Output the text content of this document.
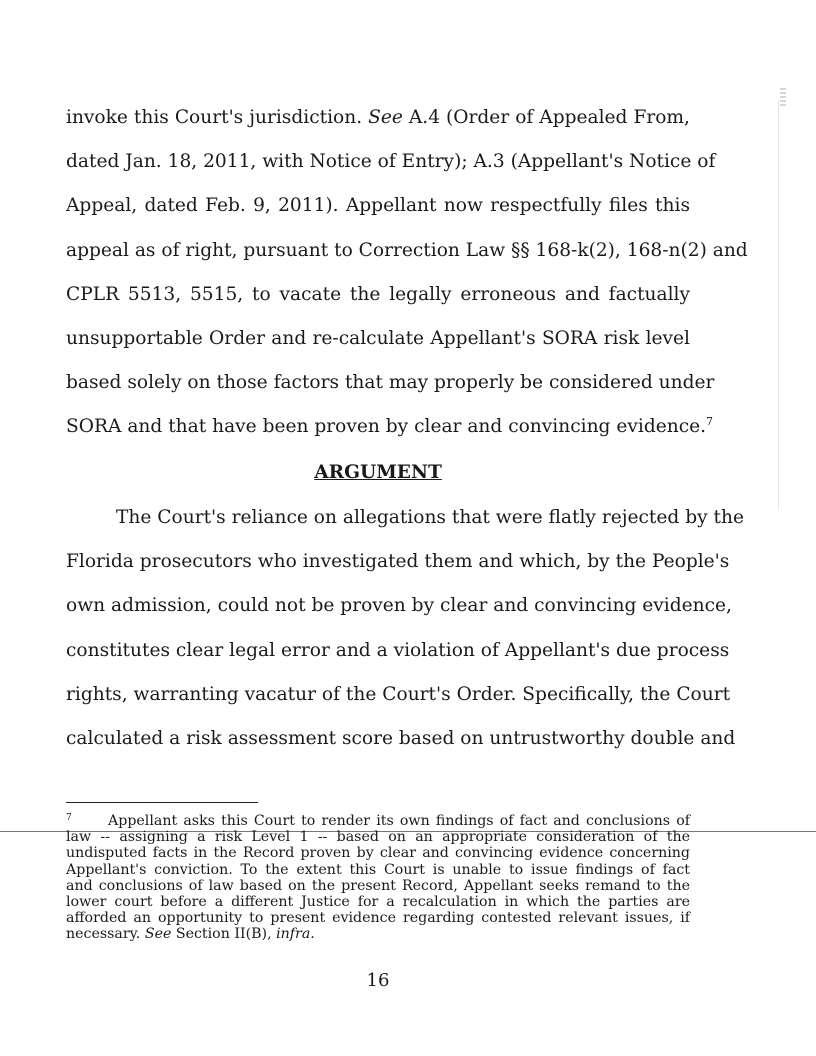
invoke this Court's jurisdiction. See A.4 (Order of Appealed From,
dated Jan. 18, 2011, with Notice of Entry); A.3 (Appellant's Notice of
Appeal, dated Feb. 9, 2011). Appellant now respectfully files this
appeal as of right, pursuant to Correction Law §§ 168-k(2), 168-n(2) and
CPLR 5513, 5515, to vacate the legally erroneous and factually
unsupportable Order and re-calculate Appellant's SORA risk level
based solely on those factors that may properly be considered under
SORA and that have been proven by clear and convincing evidence.$^7$
ARGUMENT
The Court's reliance on allegations that were flatly rejected by the
Florida prosecutors who investigated them and which, by the People's
own admission, could not be proven by clear and convincing evidence,
constitutes clear legal error and a violation of Appellant's due process
rights, warranting vacatur of the Court's Order. Specifically, the Court
calculated a risk assessment score based on untrustworthy double and
7	Appellant asks this Court to render its own findings of fact and conclusions of
law -- assigning a risk Level 1 -- based on an appropriate consideration of the
undisputed facts in the Record proven by clear and convincing evidence concerning
Appellant's conviction. To the extent this Court is unable to issue findings of fact
and conclusions of law based on the present Record, Appellant seeks remand to the
lower court before a different Justice for a recalculation in which the parties are
afforded an opportunity to present evidence regarding contested relevant issues, if
necessary. See Section II(B), infra.
16
